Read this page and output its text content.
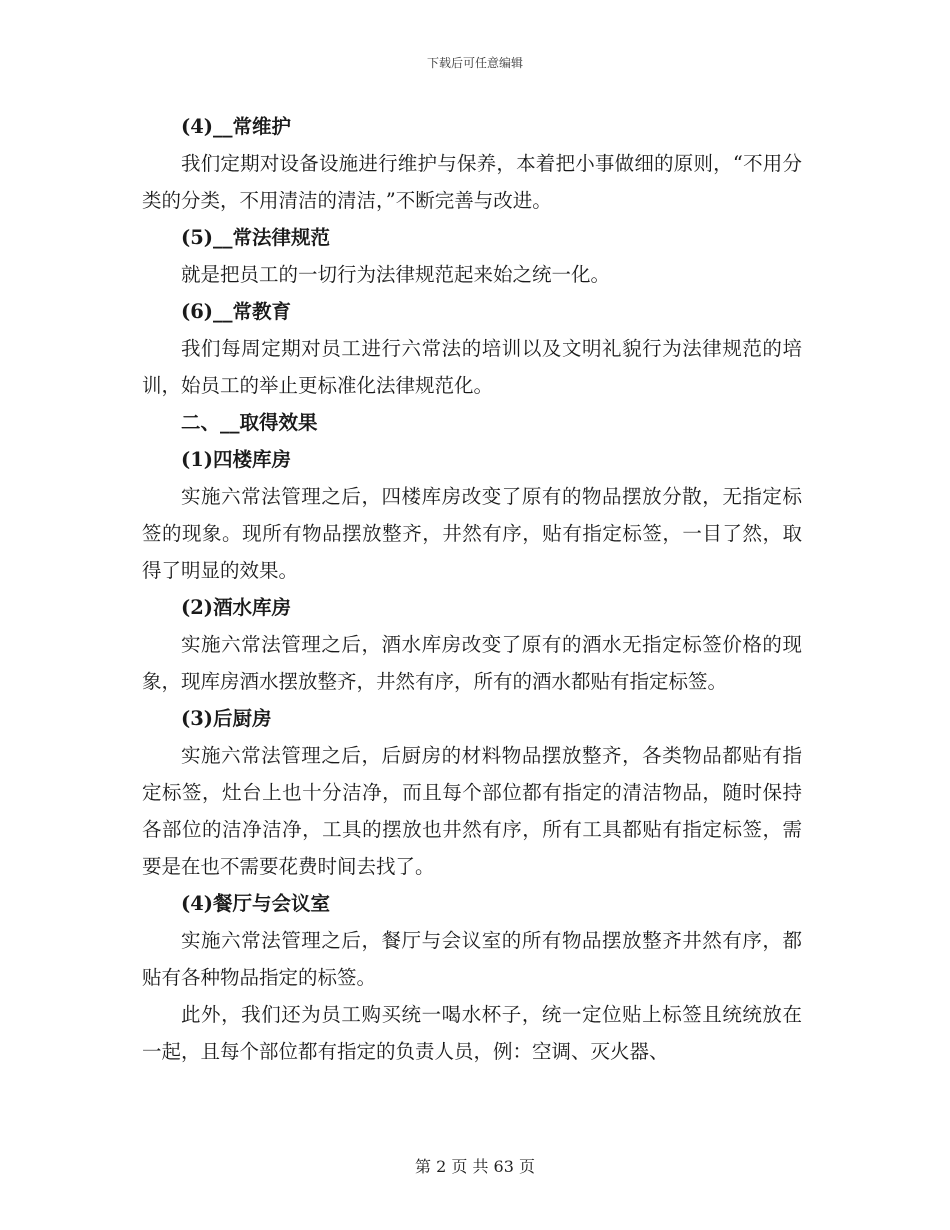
下载后可任意编辑

(4)__常维护

我们定期对设备设施进行维护与保养，本着把小事做细的原则，“不用分类的分类，不用清洁的清洁，”不断完善与改进。

(5)__常法律规范

就是把员工的一切行为法律规范起来始之统一化。

(6)__常教育

我们每周定期对员工进行六常法的培训以及文明礼貌行为法律规范的培训，始员工的举止更标准化法律规范化。

二、__取得效果

(1)四楼库房

实施六常法管理之后，四楼库房改变了原有的物品摆放分散，无指定标签的现象。现所有物品摆放整齐，井然有序，贴有指定标签，一目了然，取得了明显的效果。

(2)酒水库房

实施六常法管理之后，酒水库房改变了原有的酒水无指定标签价格的现象，现库房酒水摆放整齐，井然有序，所有的酒水都贴有指定标签。

(3)后厨房

实施六常法管理之后，后厨房的材料物品摆放整齐，各类物品都贴有指定标签，灶台上也十分洁净，而且每个部位都有指定的清洁物品，随时保持各部位的洁净洁净，工具的摆放也井然有序，所有工具都贴有指定标签，需要是在也不需要花费时间去找了。

(4)餐厅与会议室

实施六常法管理之后，餐厅与会议室的所有物品摆放整齐井然有序，都贴有各种物品指定的标签。

此外，我们还为员工购买统一喝水杯子，统一定位贴上标签且统统放在一起，且每个部位都有指定的负责人员，例：空调、灭火器、

第 2 页 共 63 页
